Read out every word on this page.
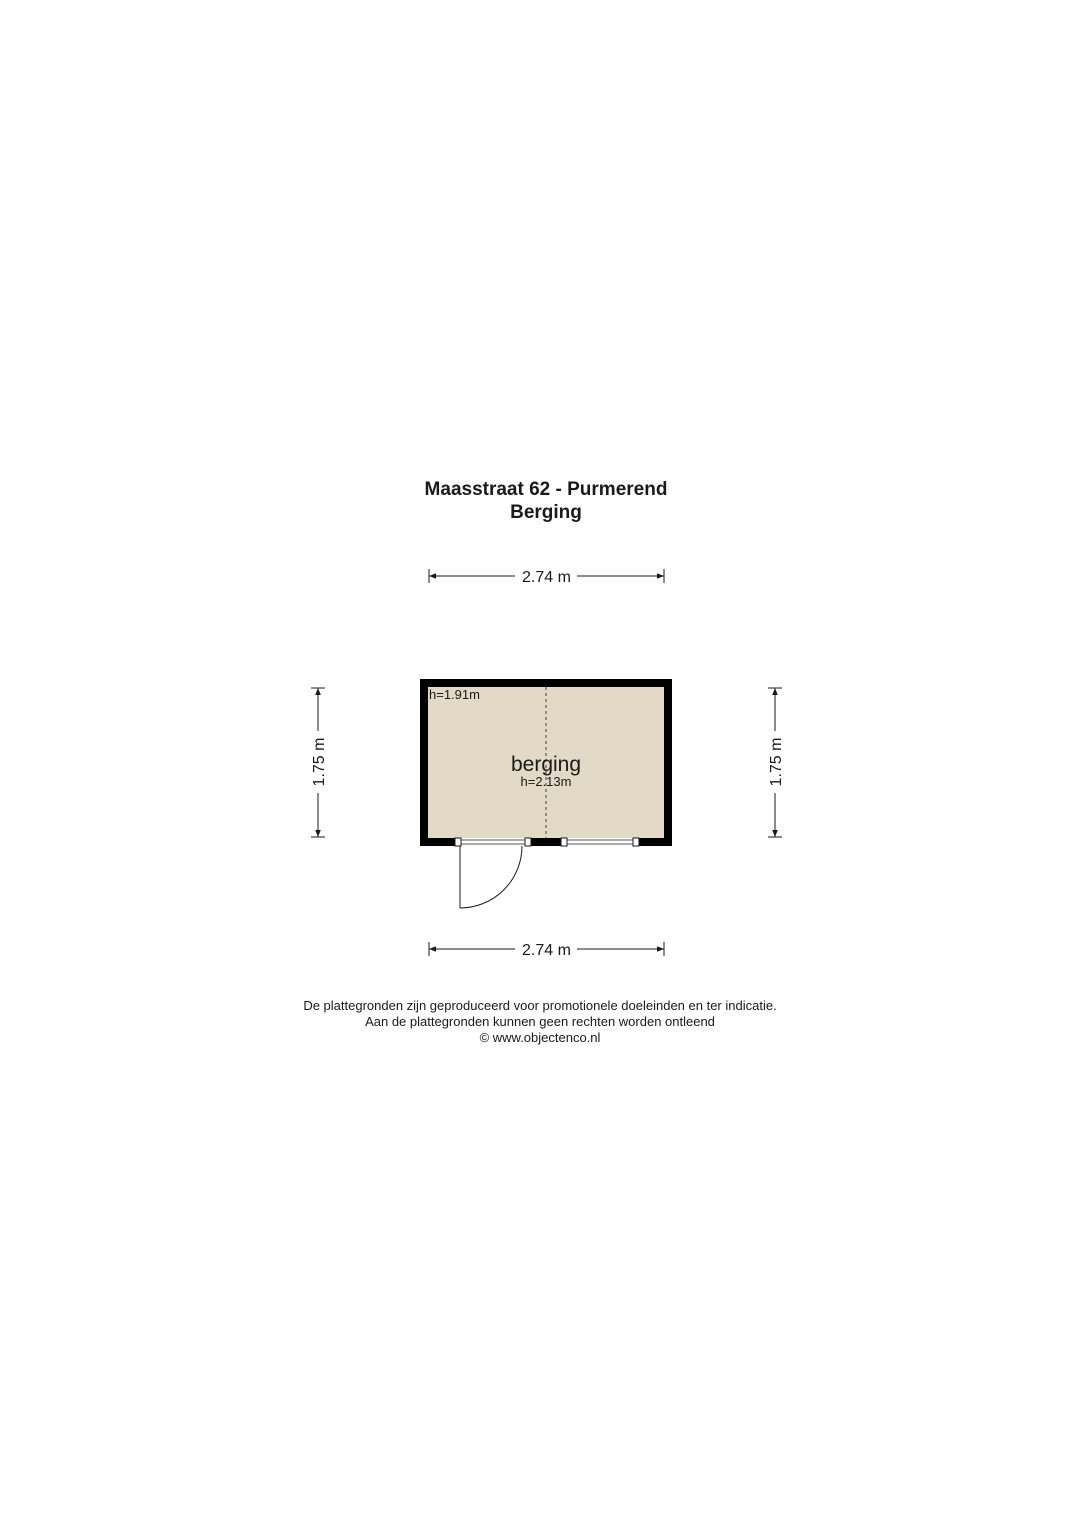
Maasstraat 62 - Purmerend
Berging
2.74 m
2.74 m
1.75 m	1.75 m
h=1.91m
berging
h=2.13m
De plattegronden zijn geproduceerd voor promotionele doeleinden en ter indicatie.
Aan de plattegronden kunnen geen rechten worden ontleend
© www.objectenco.nl
